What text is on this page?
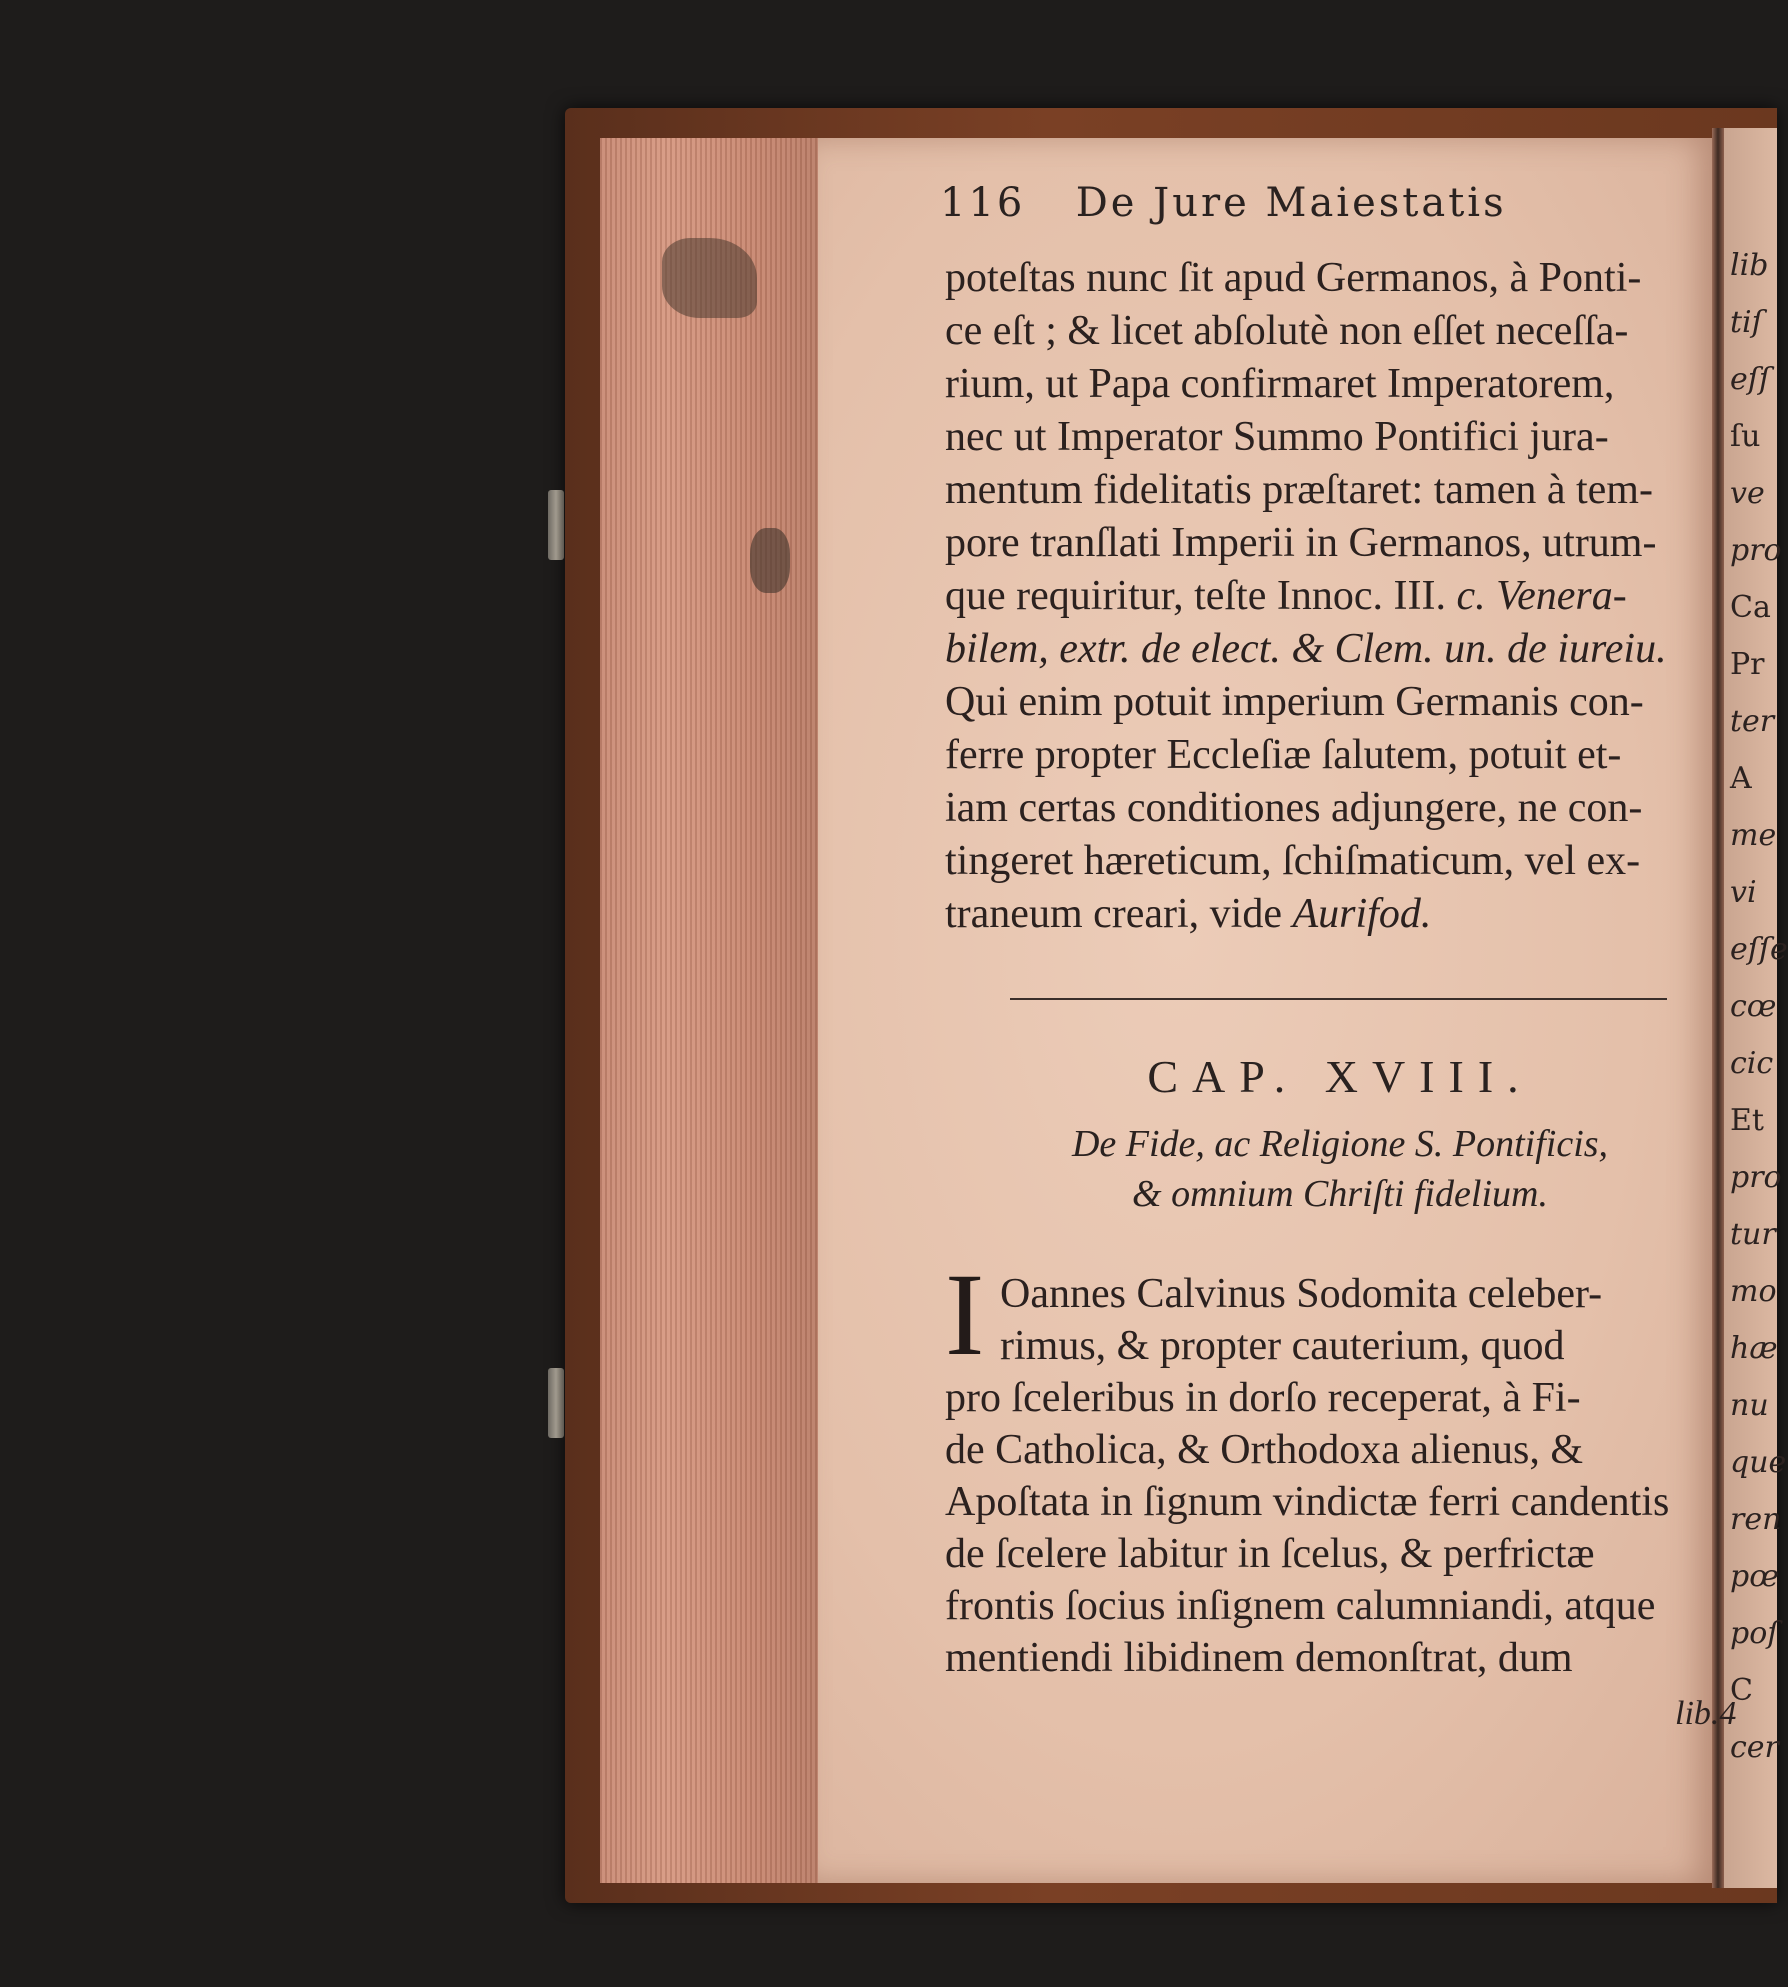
lib
tiſ
eſſ
ſu
ve
pro
Ca
Pr
ter
A
me
vi
eſſe
cœ
cic
Et
pro
tur
mo
hæ
nu
que
ren
pœ
poſ
C
cer
116 De Jure Maiestatis
poteſtas nunc ſit apud Germanos, à Ponti-
ce eſt ; & licet abſolutè non eſſet neceſſa-
rium, ut Papa confirmaret Imperatorem,
nec ut Imperator Summo Pontifici jura-
mentum fidelitatis præſtaret: tamen à tem-
pore tranſlati Imperii in Germanos, utrum-
que requiritur, teſte Innoc. III. c. Venera-
bilem, extr. de elect. & Clem. un. de iureiu.
Qui enim potuit imperium Germanis con-
ferre propter Eccleſiæ ſalutem, potuit et-
iam certas conditiones adjungere, ne con-
tingeret hæreticum, ſchiſmaticum, vel ex-
traneum creari, vide Aurifod.
CAP. XVIII.
De Fide, ac Religione S. Pontificis,
& omnium Chriſti fidelium.
I Oannes Calvinus Sodomita celeber-
rimus, & propter cauterium, quod
pro ſceleribus in dorſo receperat, à Fi-
de Catholica, & Orthodoxa alienus, &
Apoſtata in ſignum vindictæ ferri candentis
de ſcelere labitur in ſcelus, & perfrictæ
frontis ſocius inſignem calumniandi, atque
mentiendi libidinem demonſtrat, dum
lib.4
